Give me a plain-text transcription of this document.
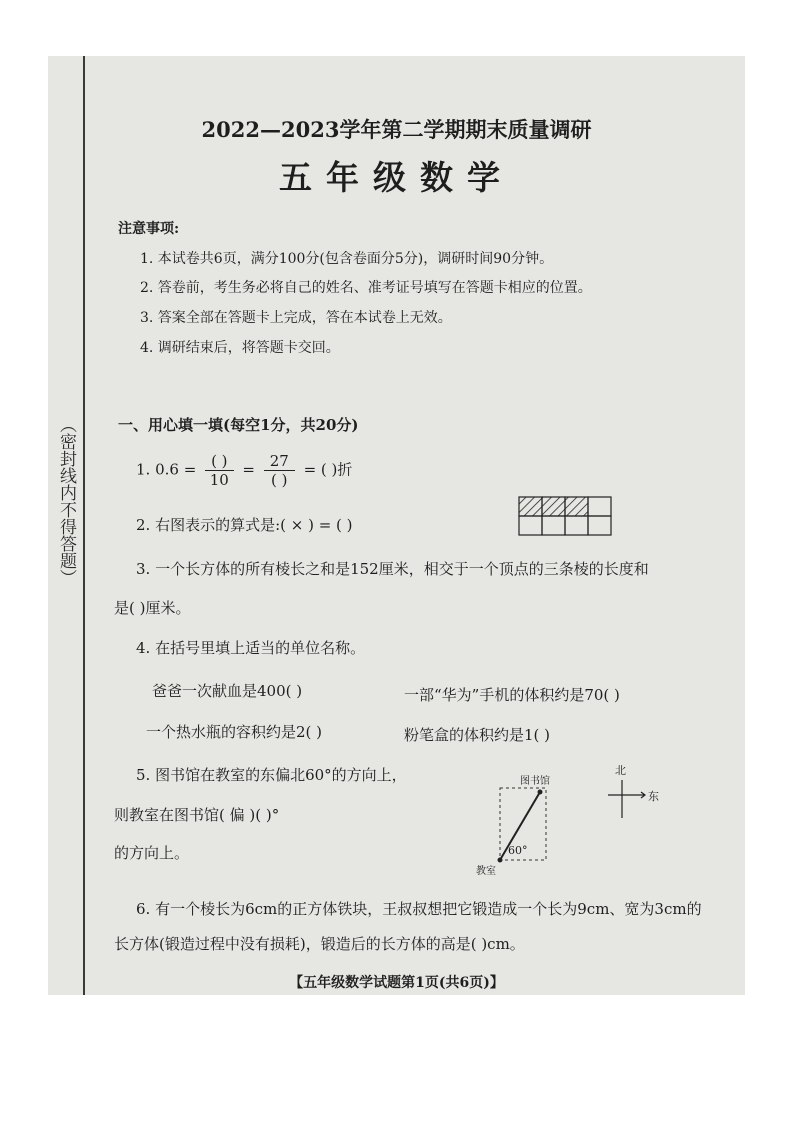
（密封线内不得答题）
2022—2023学年第二学期期末质量调研
五年级数学
注意事项:
1. 本试卷共6页，满分100分(包含卷面分5分)，调研时间90分钟。
2. 答卷前，考生务必将自己的姓名、准考证号填写在答题卡相应的位置。
3. 答案全部在答题卡上完成，答在本试卷上无效。
4. 调研结束后，将答题卡交回。
一、用心填一填(每空1分，共20分)
1. $0.6 = \frac{( )}{10} = \frac{27}{( )}$ = ( )折
2. 右图表示的算式是:( × ) = ( )
3. 一个长方体的所有棱长之和是152厘米，相交于一个顶点的三条棱的长度和
是( )厘米。
4. 在括号里填上适当的单位名称。
爸爸一次献血是400( )	一部“华为”手机的体积约是70( )
一个热水瓶的容积约是2( )	粉笔盒的体积约是1( )
5. 图书馆在教室的东偏北60°的方向上，
则教室在图书馆( 偏 )( )°
的方向上。
图书馆
教室
60°
北
东
6. 有一个棱长为6cm的正方体铁块，王叔叔想把它锻造成一个长为9cm、宽为3cm的
长方体(锻造过程中没有损耗)，锻造后的长方体的高是( )cm。
【五年级数学试题第1页(共6页)】
